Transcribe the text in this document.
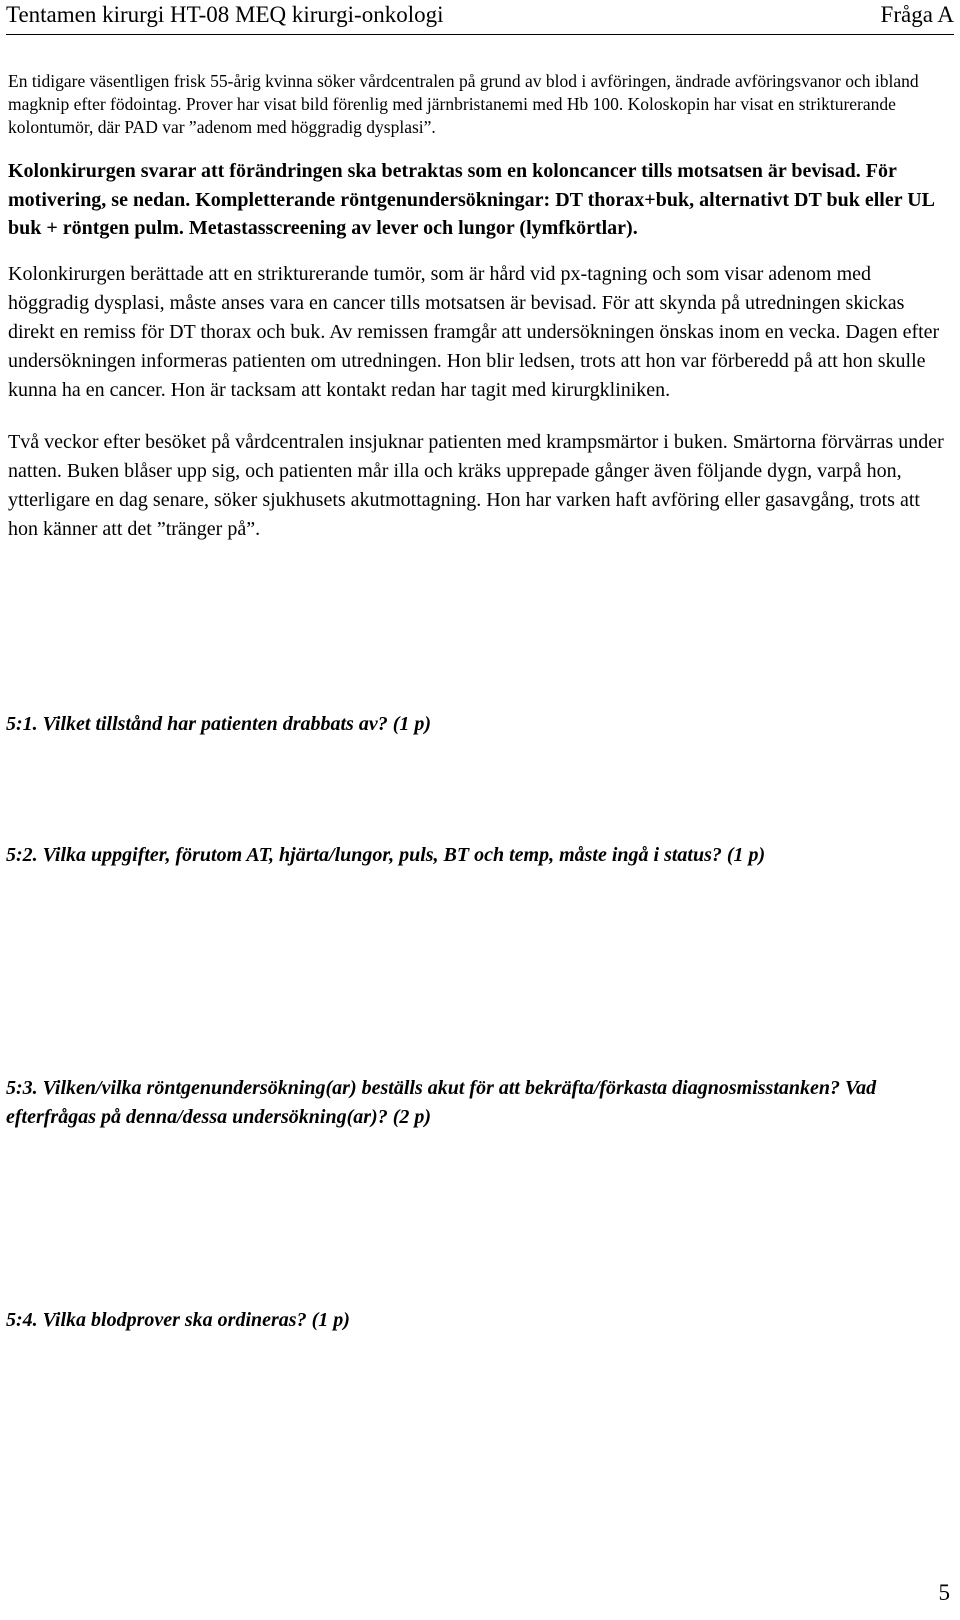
Tentamen kirurgi HT-08 MEQ kirurgi-onkologi	Fråga A

En tidigare väsentligen frisk 55-årig kvinna söker vårdcentralen på grund av blod i avföringen, ändrade avföringsvanor och ibland magknip efter födointag. Prover har visat bild förenlig med järnbristanemi med Hb 100. Koloskopin har visat en strikturerande kolontumör, där PAD var ”adenom med höggradig dysplasi”.

Kolonkirurgen svarar att förändringen ska betraktas som en koloncancer tills motsatsen är bevisad. För motivering, se nedan. Kompletterande röntgenundersökningar: DT thorax+buk, alternativt DT buk eller UL buk + röntgen pulm. Metastasscreening av lever och lungor (lymfkörtlar).

Kolonkirurgen berättade att en strikturerande tumör, som är hård vid px-tagning och som visar adenom med höggradig dysplasi, måste anses vara en cancer tills motsatsen är bevisad. För att skynda på utredningen skickas direkt en remiss för DT thorax och buk. Av remissen framgår att undersökningen önskas inom en vecka. Dagen efter undersökningen informeras patienten om utredningen. Hon blir ledsen, trots att hon var förberedd på att hon skulle kunna ha en cancer. Hon är tacksam att kontakt redan har tagit med kirurgkliniken.

Två veckor efter besöket på vårdcentralen insjuknar patienten med krampsmärtor i buken. Smärtorna förvärras under natten. Buken blåser upp sig, och patienten mår illa och kräks upprepade gånger även följande dygn, varpå hon, ytterligare en dag senare, söker sjukhusets akutmottagning. Hon har varken haft avföring eller gasavgång, trots att hon känner att det ”tränger på”.

5:1. Vilket tillstånd har patienten drabbats av? (1 p)

5:2. Vilka uppgifter, förutom AT, hjärta/lungor, puls, BT och temp, måste ingå i status? (1 p)

5:3. Vilken/vilka röntgenundersökning(ar) beställs akut för att bekräfta/förkasta diagnosmisstanken? Vad efterfrågas på denna/dessa undersökning(ar)? (2 p)

5:4. Vilka blodprover ska ordineras? (1 p)

5
